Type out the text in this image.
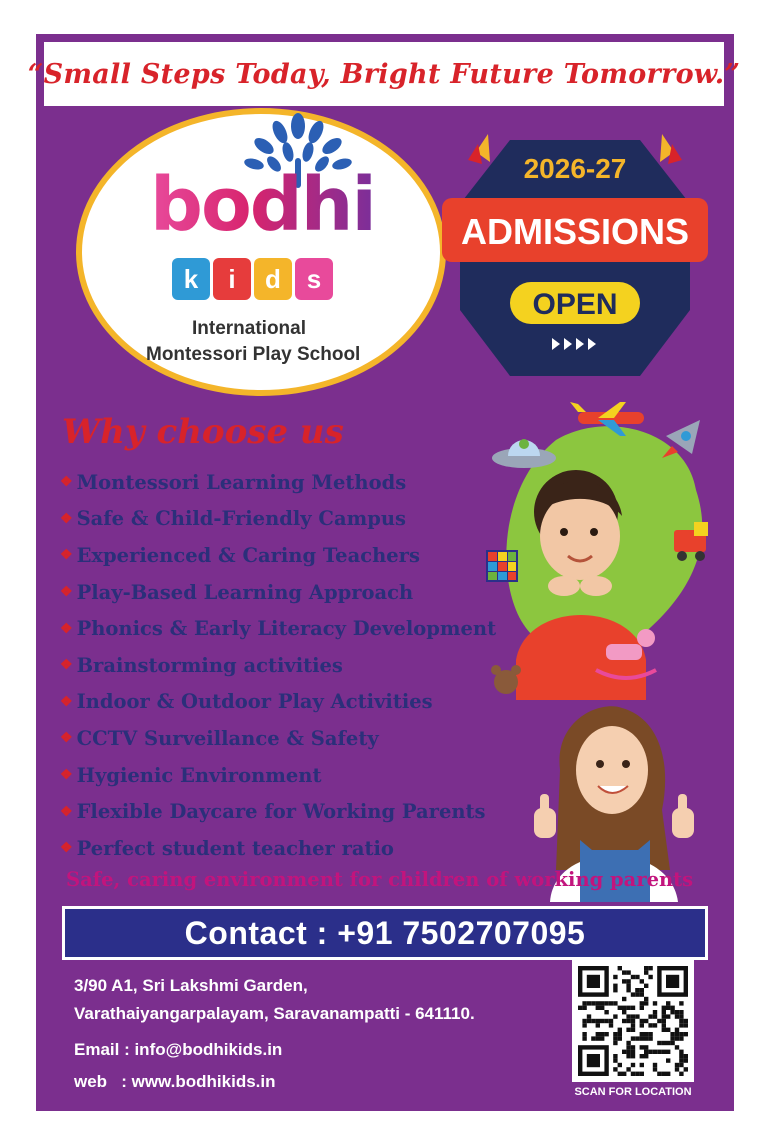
“Small Steps Today, Bright Future Tomorrow.”
bodhi
k i d s
International
Montessori Play School
2026-27
ADMISSIONS
OPEN
Why choose us
❖ Montessori Learning Methods
❖ Safe & Child-Friendly Campus
❖ Experienced & Caring Teachers
❖ Play-Based Learning Approach
❖ Phonics & Early Literacy Development
❖ Brainstorming activities
❖ Indoor & Outdoor Play Activities
❖ CCTV Surveillance & Safety
❖ Hygienic Environment
❖ Flexible Daycare for Working Parents
❖ Perfect student teacher ratio
Safe, caring environment for children of working parents
Contact : +91 7502707095
3/90 A1, Sri Lakshmi Garden,
Varathaiyangarpalayam, Saravanampatti - 641110.
Email : info@bodhikids.in
web   : www.bodhikids.in
SCAN FOR LOCATION
